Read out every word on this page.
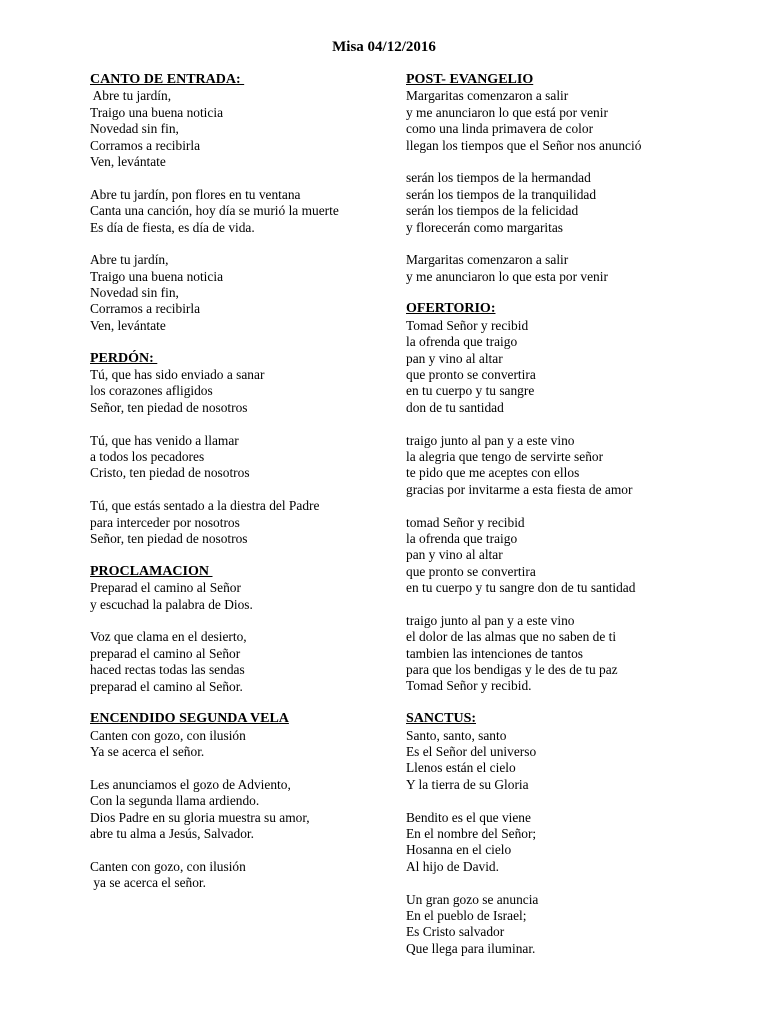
Misa 04/12/2016
CANTO DE ENTRADA:
Abre tu jardín,
Traigo una buena noticia
Novedad sin fin,
Corramos a recibirla
Ven, levántate
Abre tu jardín, pon flores en tu ventana
Canta una canción, hoy día se murió la muerte
Es día de fiesta, es día de vida.
Abre tu jardín,
Traigo una buena noticia
Novedad sin fin,
Corramos a recibirla
Ven, levántate
PERDÓN:
Tú, que has sido enviado a sanar
los corazones afligidos
Señor, ten piedad de nosotros
Tú, que has venido a llamar
a todos los pecadores
Cristo, ten piedad de nosotros
Tú, que estás sentado a la diestra del Padre
para interceder por nosotros
Señor, ten piedad de nosotros
PROCLAMACION
Preparad el camino al Señor
y escuchad la palabra de Dios.
Voz que clama en el desierto,
preparad el camino al Señor
haced rectas todas las sendas
preparad el camino al Señor.
ENCENDIDO SEGUNDA VELA
Canten con gozo, con ilusión
Ya se acerca el señor.
Les anunciamos el gozo de Adviento,
Con la segunda llama ardiendo.
Dios Padre en su gloria muestra su amor,
abre tu alma a Jesús, Salvador.
Canten con gozo, con ilusión
ya se acerca el señor.
POST- EVANGELIO
Margaritas comenzaron a salir
y me anunciaron lo que está por venir
como una linda primavera de color
llegan los tiempos que el Señor nos anunció
serán los tiempos de la hermandad
serán los tiempos de la tranquilidad
serán los tiempos de la felicidad
y florecerán como margaritas
Margaritas comenzaron a salir
y me anunciaron lo que esta por venir
OFERTORIO:
Tomad Señor y recibid
la ofrenda que traigo
pan y vino al altar
que pronto se convertira
en tu cuerpo y tu sangre
don de tu santidad
traigo junto al pan y a este vino
la alegria que tengo de servirte señor
te pido que me aceptes con ellos
gracias por invitarme a esta fiesta de amor
tomad Señor y recibid
la ofrenda que traigo
pan y vino al altar
que pronto se convertira
en tu cuerpo y tu sangre don de tu santidad
traigo junto al pan y a este vino
el dolor de las almas que no saben de ti
tambien las intenciones de tantos
para que los bendigas y le des de tu paz
Tomad Señor y recibid.
SANCTUS:
Santo, santo, santo
Es el Señor del universo
Llenos están el cielo
Y la tierra de su Gloria
Bendito es el que viene
En el nombre del Señor;
Hosanna en el cielo
Al hijo de David.
Un gran gozo se anuncia
En el pueblo de Israel;
Es Cristo salvador
Que llega para iluminar.
